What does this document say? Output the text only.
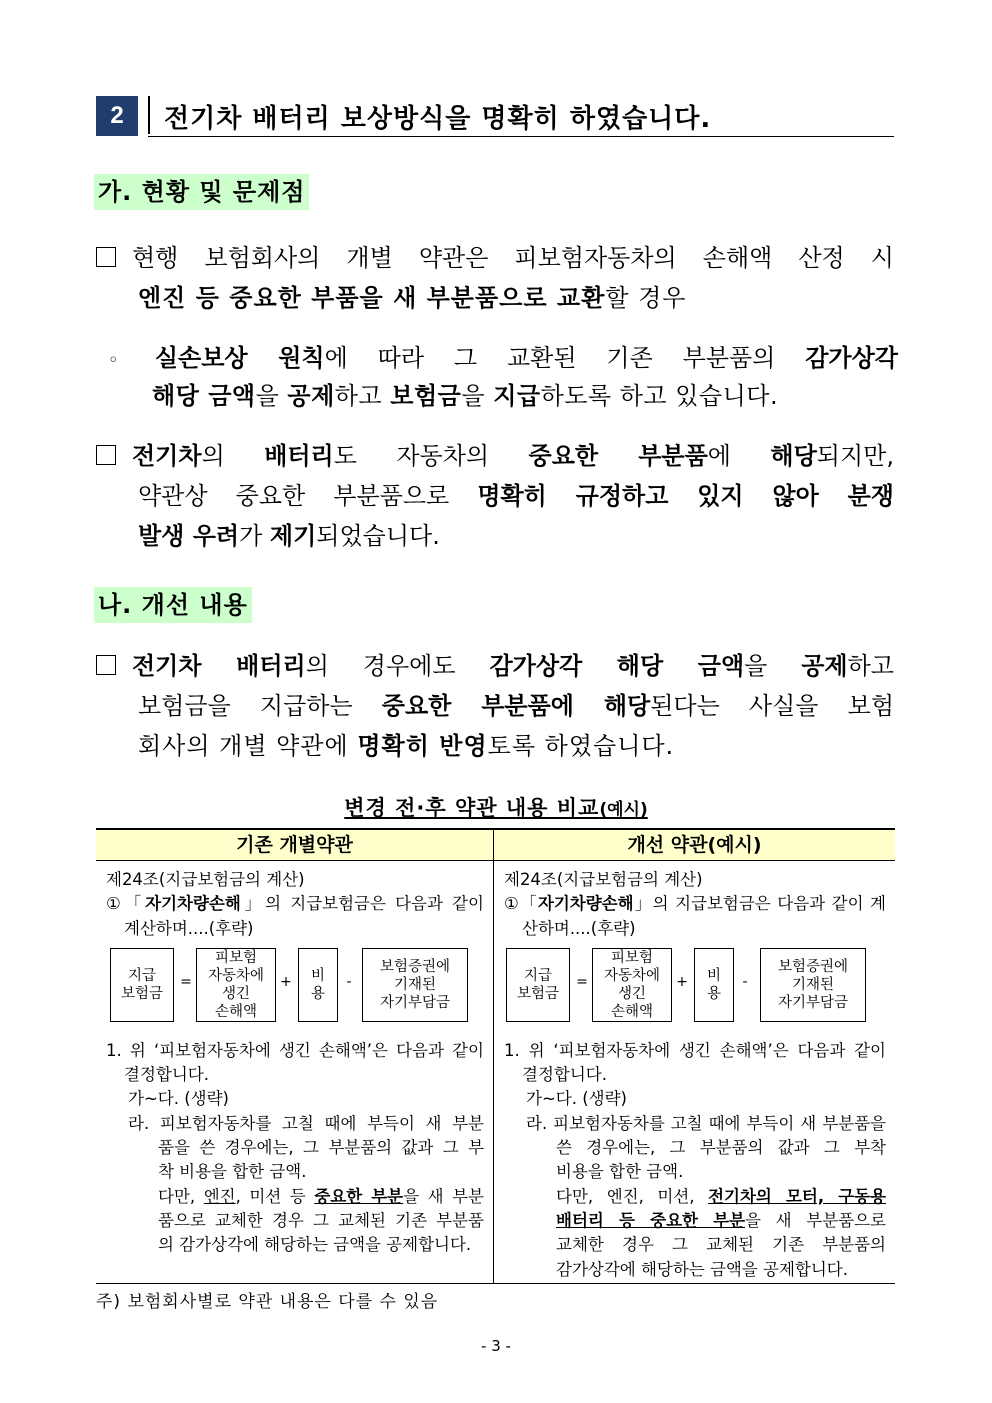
2	전기차 배터리 보상방식을 명확히 하였습니다.
가. 현황 및 문제점
현행 보험회사의 개별 약관은 피보험자동차의 손해액 산정 시
엔진 등 중요한 부품을 새 부분품으로 교환할 경우
◦ 실손보상 원칙에 따라 그 교환된 기존 부분품의 감가상각
해당 금액을 공제하고 보험금을 지급하도록 하고 있습니다.
전기차의 배터리도 자동차의 중요한 부분품에 해당되지만,
약관상 중요한 부분품으로 명확히 규정하고 있지 않아 분쟁
발생 우려가 제기되었습니다.
나. 개선 내용
전기차 배터리의 경우에도 감가상각 해당 금액을 공제하고
보험금을 지급하는 중요한 부분품에 해당된다는 사실을 보험
회사의 개별 약관에 명확히 반영토록 하였습니다.
변경 전·후 약관 내용 비교(예시)
기존 개별약관	개선 약관(예시)
제24조(지급보험금의 계산)
①「자기차량손해」의 지급보험금은 다음과 같이
계산하며....(후략)
1. 위 ‘피보험자동차에 생긴 손해액’은 다음과 같이
결정합니다.
가~다. (생략)
라. 피보험자동차를 고칠 때에 부득이 새 부분
품을 쓴 경우에는, 그 부분품의 값과 그 부
착 비용을 합한 금액.
다만, 엔진, 미션 등 중요한 부분을 새 부분
품으로 교체한 경우 그 교체된 기존 부분품
의 감가상각에 해당하는 금액을 공제합니다.
지급
보험금
=
피보험
자동차에
생긴
손해액
+ 비
용
-
보험증권에
기재된
자기부담금
제24조(지급보험금의 계산)
①「자기차량손해」의 지급보험금은 다음과 같이 계
산하며....(후략)
1. 위 ‘피보험자동차에 생긴 손해액’은 다음과 같이
결정합니다.
가~다. (생략)
라. 피보험자동차를 고칠 때에 부득이 새 부분품을
쓴 경우에는, 그 부분품의 값과 그 부착
비용을 합한 금액.
다만, 엔진, 미션, 전기차의 모터, 구동용
배터리 등 중요한 부분을 새 부분품으로
교체한 경우 그 교체된 기존 부분품의
감가상각에 해당하는 금액을 공제합니다.
지급
보험금
=
피보험
자동차에
생긴
손해액
+ 비
용
-
보험증권에
기재된
자기부담금
주) 보험회사별로 약관 내용은 다를 수 있음
- 3 -
